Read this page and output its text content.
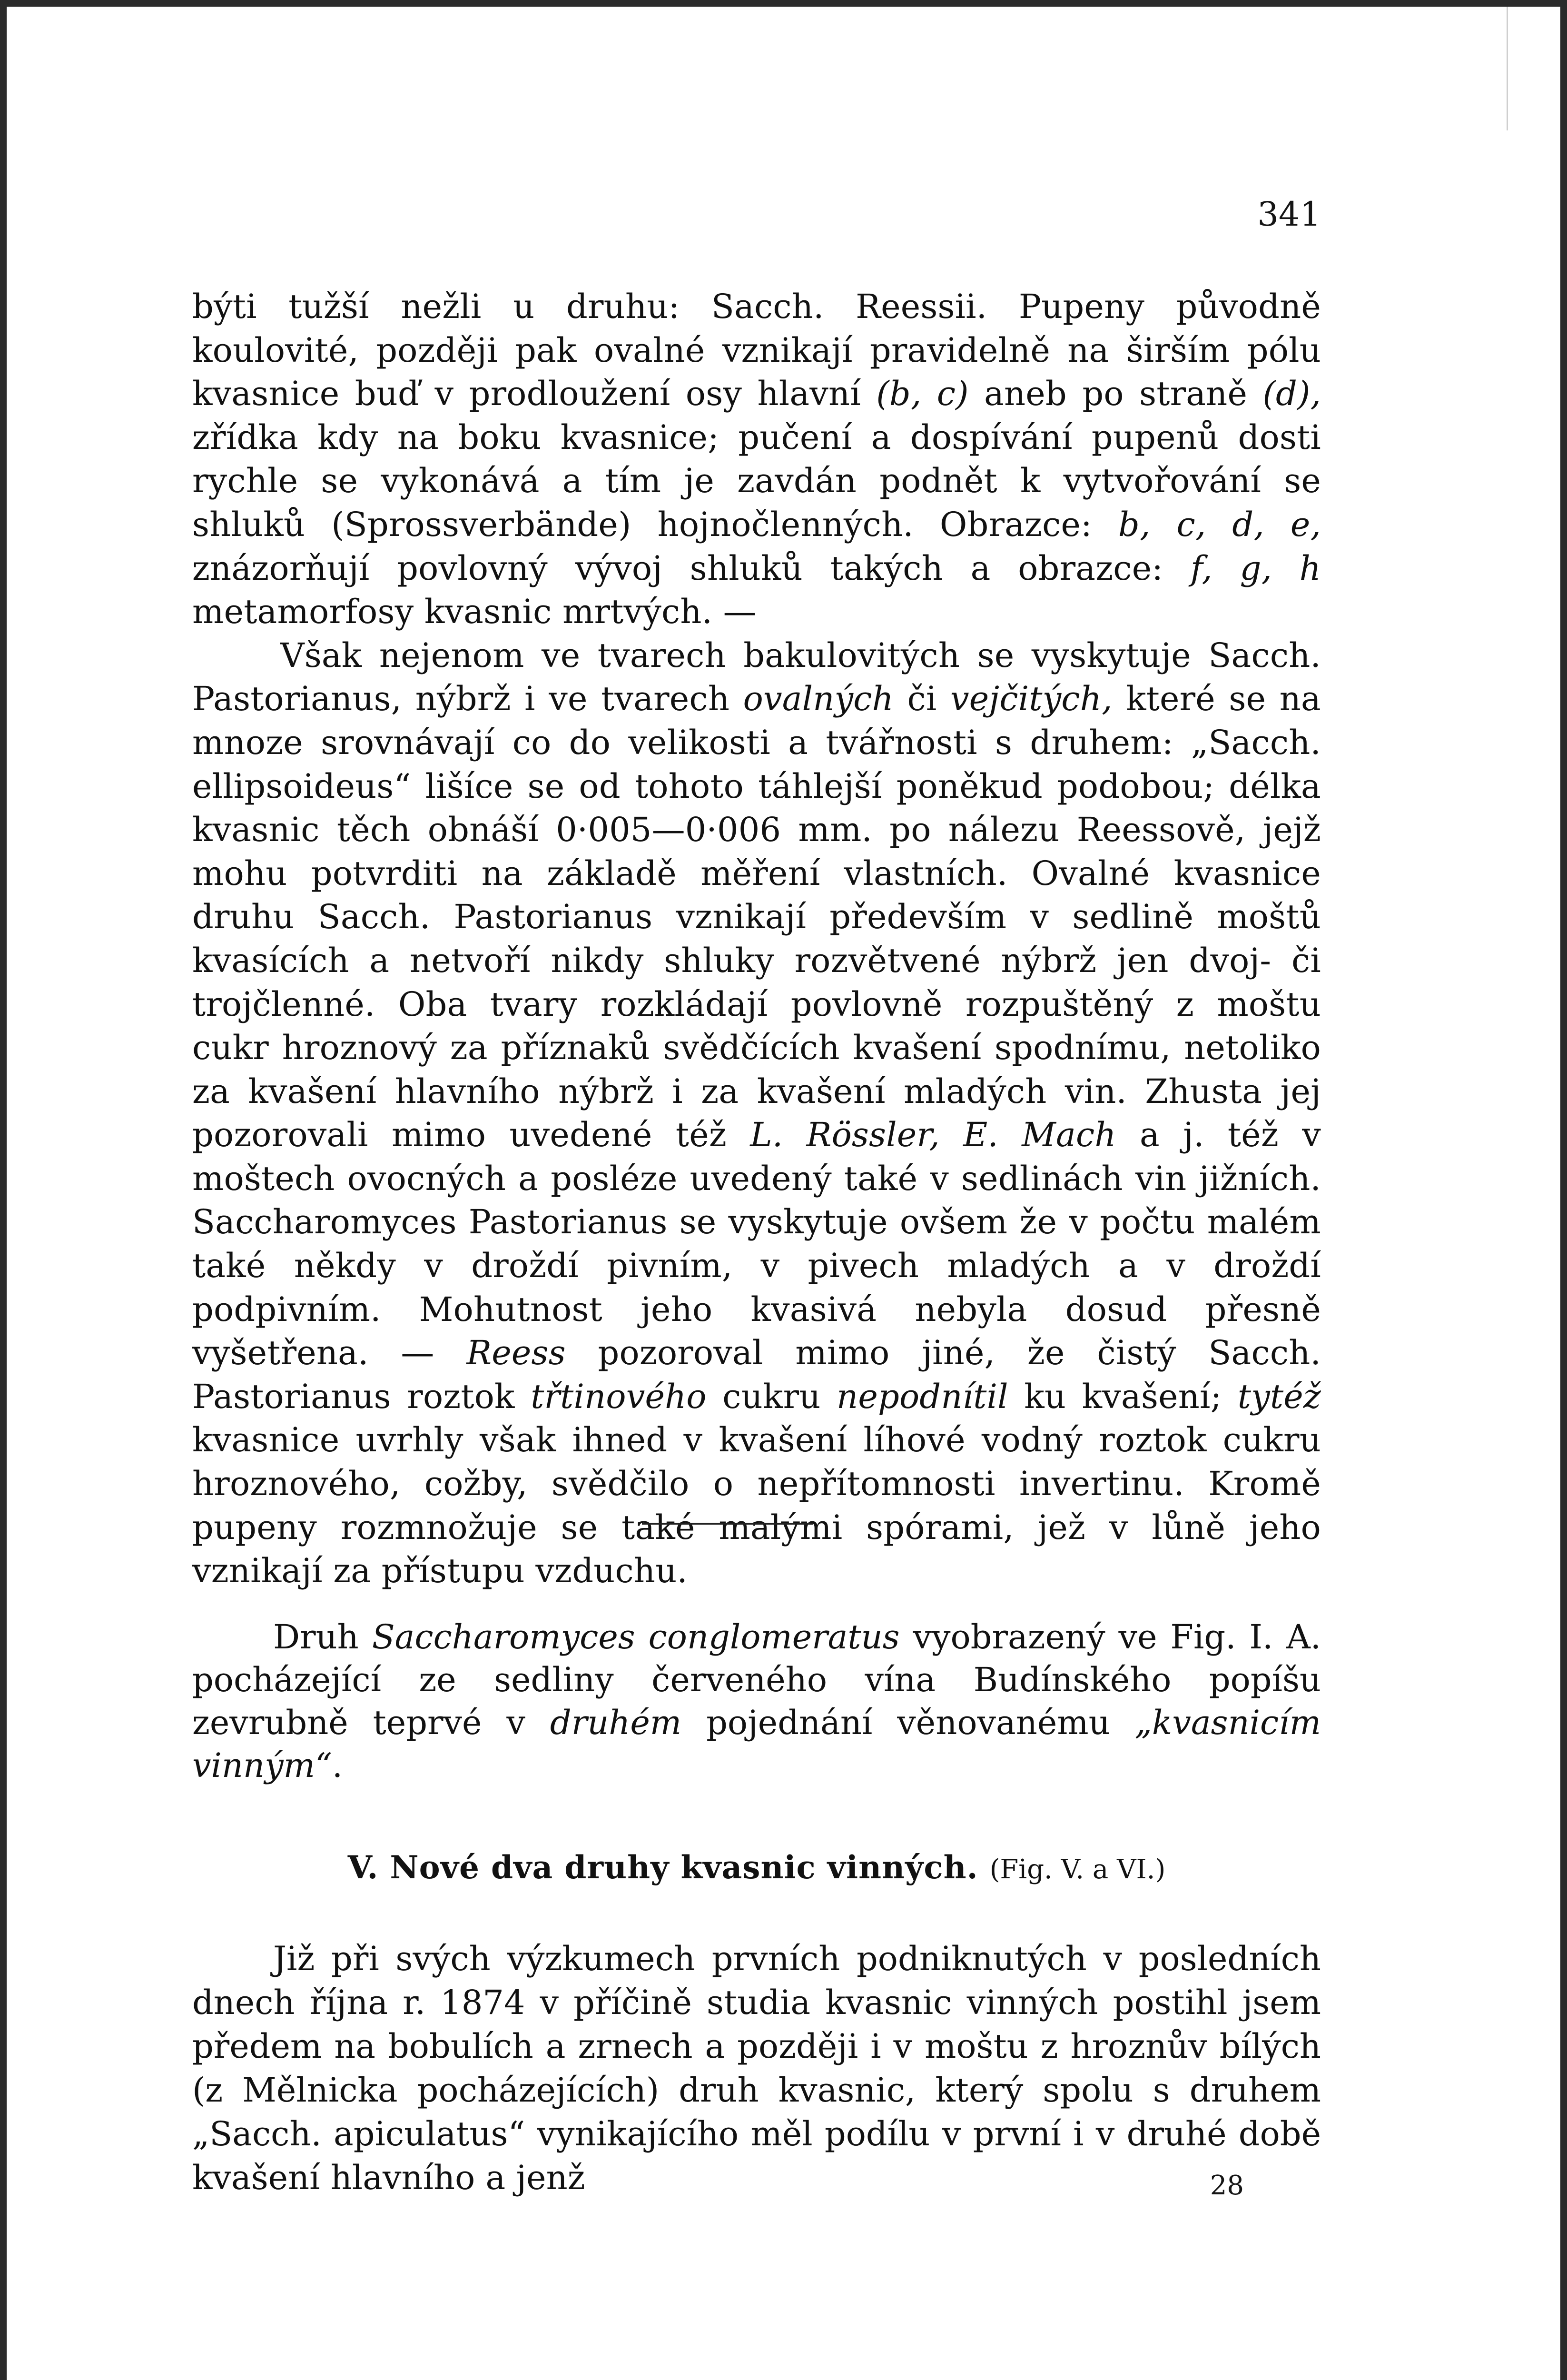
341

býti tužší nežli u druhu: Sacch. Reessii. Pupeny původně koulovité, později pak ovalné vznikají pravidelně na širším pólu kvasnice buď v prodloužení osy hlavní (b, c) aneb po straně (d), zřídka kdy na boku kvasnice; pučení a dospívání pupenů dosti rychle se vykonává a tím je zavdán podnět k vytvořování se shluků (Sprossverbände) hojnočlenných. Obrazce: b, c, d, e, znázorňují povlovný vývoj shluků takých a obrazce: f, g, h metamorfosy kvasnic mrtvých. —

Však nejenom ve tvarech bakulovitých se vyskytuje Sacch. Pastorianus, nýbrž i ve tvarech ovalných či vejčitých, které se na mnoze srovnávají co do velikosti a tvářnosti s druhem: „Sacch. ellipsoideus“ lišíce se od tohoto táhlejší poněkud podobou; délka kvasnic těch obnáší 0·005—0·006 mm. po nálezu Reessově, jejž mohu potvrditi na základě měření vlastních. Ovalné kvasnice druhu Sacch. Pastorianus vznikají především v sedlině moštů kvasících a netvoří nikdy shluky rozvětvené nýbrž jen dvoj- či trojčlenné. Oba tvary rozkládají povlovně rozpuštěný z moštu cukr hroznový za příznaků svědčících kvašení spodnímu, netoliko za kvašení hlavního nýbrž i za kvašení mladých vin. Zhusta jej pozorovali mimo uvedené též L. Rössler, E. Mach a j. též v moštech ovocných a posléze uvedený také v sedlinách vin jižních. Saccharomyces Pastorianus se vyskytuje ovšem že v počtu malém také někdy v droždí pivním, v pivech mladých a v droždí podpivním. Mohutnost jeho kvasivá nebyla dosud přesně vyšetřena. — Reess pozoroval mimo jiné, že čistý Sacch. Pastorianus roztok třtinového cukru nepodnítil ku kvašení; tytéž kvasnice uvrhly však ihned v kvašení líhové vodný roztok cukru hroznového, cožby, svědčilo o nepřítomnosti invertinu. Kromě pupeny rozmnožuje se také malými spórami, jež v lůně jeho vznikají za přístupu vzduchu.

Druh Saccharomyces conglomeratus vyobrazený ve Fig. I. A. pocházející ze sedliny červeného vína Budínského popíšu zevrubně teprvé v druhém pojednání věnovanému „kvasnicím vinným“.

V. Nové dva druhy kvasnic vinných. (Fig. V. a VI.)

Již při svých výzkumech prvních podniknutých v posledních dnech října r. 1874 v příčině studia kvasnic vinných postihl jsem předem na bobulích a zrnech a později i v moštu z hroznův bílých (z Mělnicka pocházejících) druh kvasnic, který spolu s druhem „Sacch. apiculatus“ vynikajícího měl podílu v první i v druhé době kvašení hlavního a jenž	28
